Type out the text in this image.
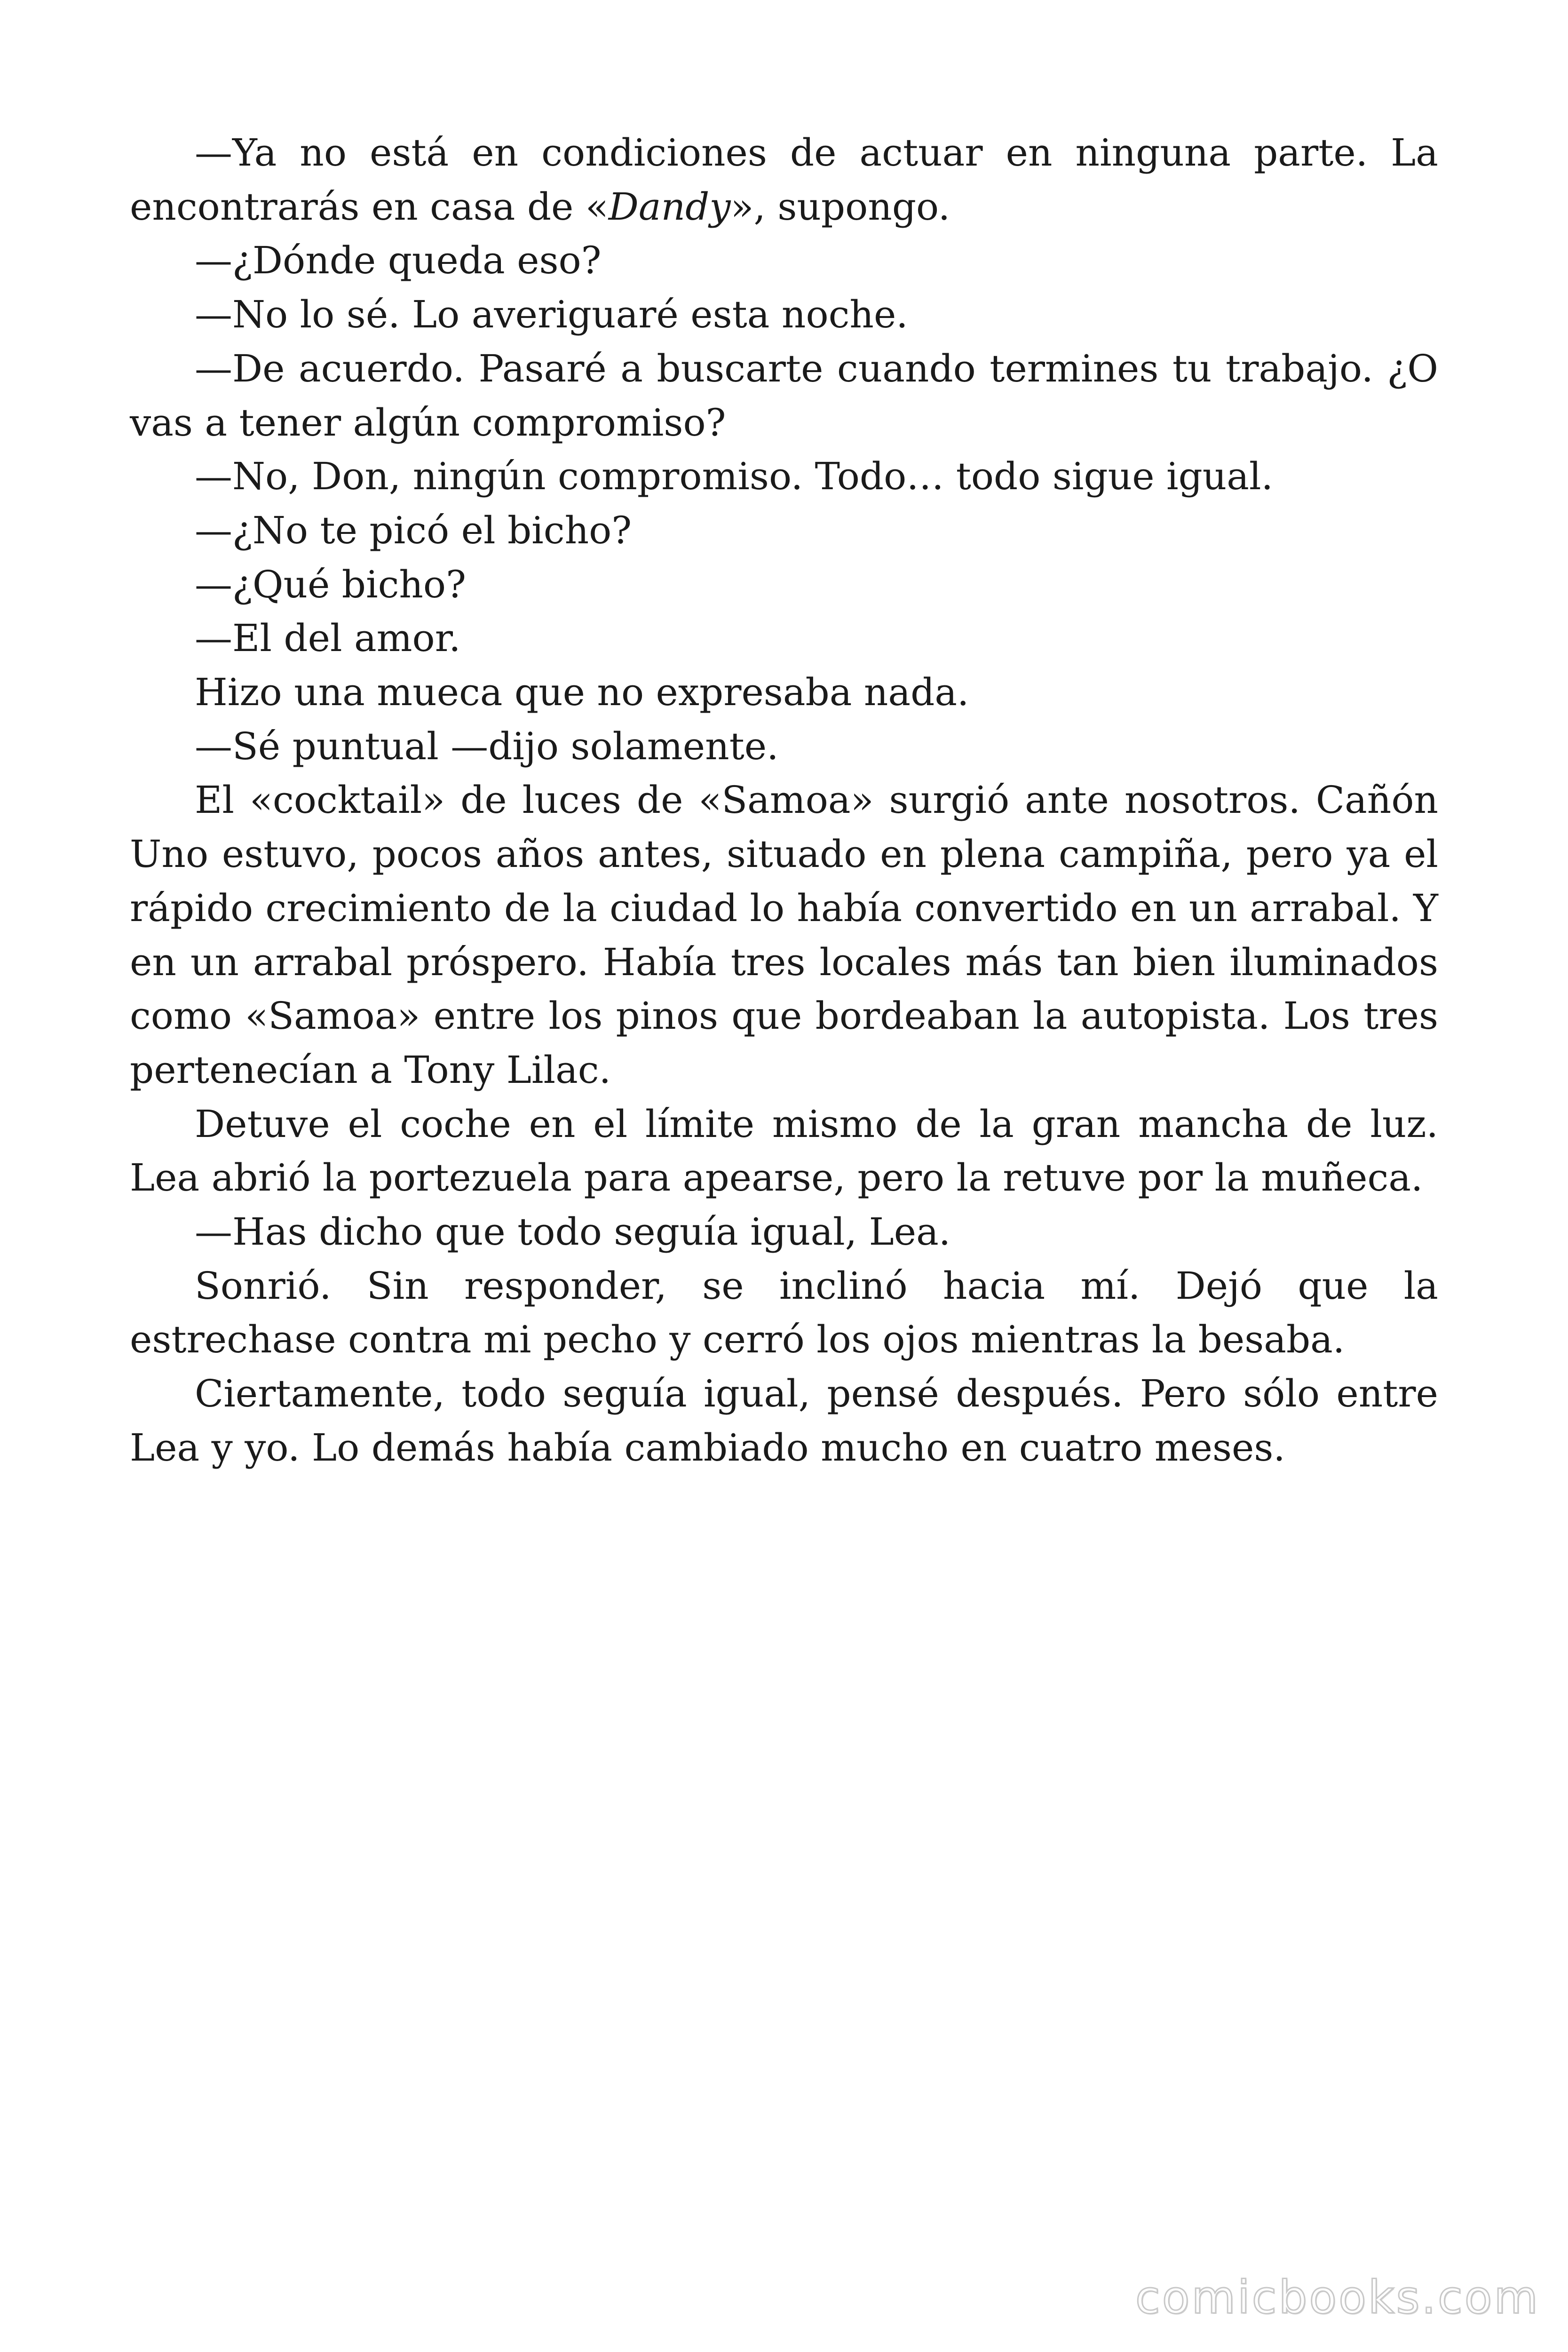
—Ya no está en condiciones de actuar en ninguna parte. La encontrarás en casa de «Dandy», supongo.

—¿Dónde queda eso?

—No lo sé. Lo averiguaré esta noche.

—De acuerdo. Pasaré a buscarte cuando termines tu trabajo. ¿O vas a tener algún compromiso?

—No, Don, ningún compromiso. Todo… todo sigue igual.

—¿No te picó el bicho?

—¿Qué bicho?

—El del amor.

Hizo una mueca que no expresaba nada.

—Sé puntual —dijo solamente.

El «cocktail» de luces de «Samoa» surgió ante nosotros. Cañón Uno estuvo, pocos años antes, situado en plena campiña, pero ya el rápido crecimiento de la ciudad lo había convertido en un arrabal. Y en un arrabal próspero. Había tres locales más tan bien iluminados como «Samoa» entre los pinos que bordeaban la autopista. Los tres pertenecían a Tony Lilac.

Detuve el coche en el límite mismo de la gran mancha de luz. Lea abrió la portezuela para apearse, pero la retuve por la muñeca.

—Has dicho que todo seguía igual, Lea.

Sonrió. Sin responder, se inclinó hacia mí. Dejó que la estrechase contra mi pecho y cerró los ojos mientras la besaba.

Ciertamente, todo seguía igual, pensé después. Pero sólo entre Lea y yo. Lo demás había cambiado mucho en cuatro meses.

comicbooks.com
